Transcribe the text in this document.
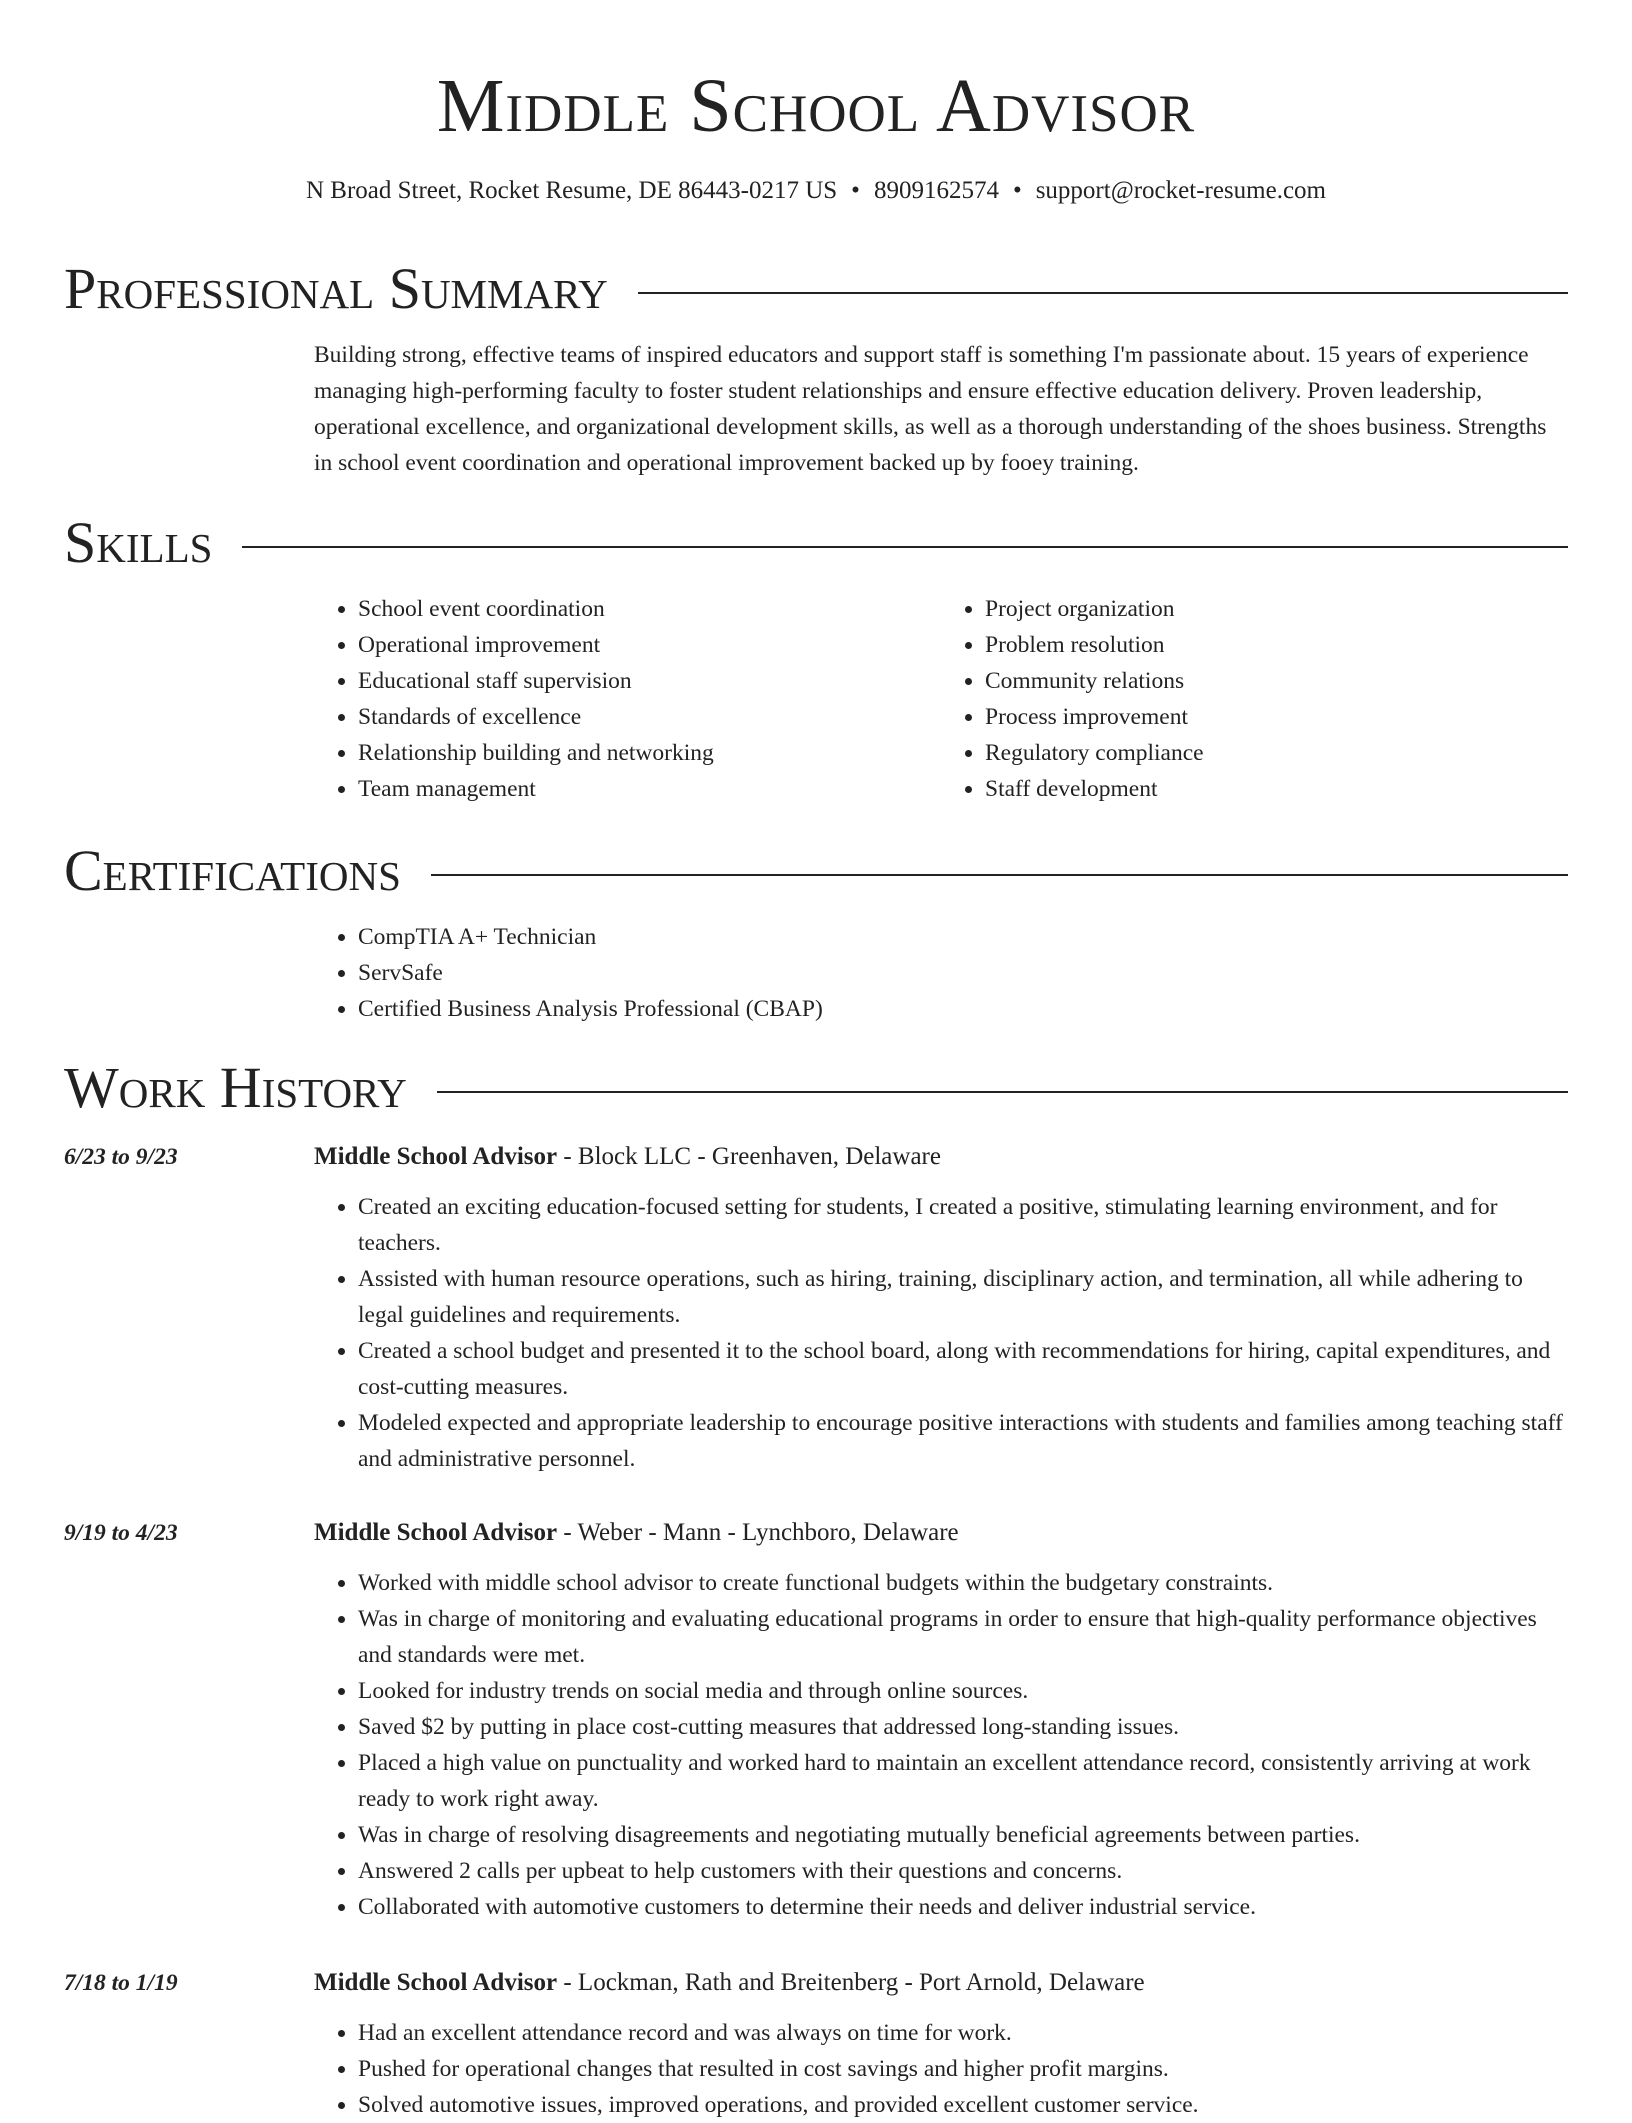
Middle School Advisor
N Broad Street, Rocket Resume, DE 86443-0217 US • 8909162574 • support@rocket-resume.com
Professional Summary
Building strong, effective teams of inspired educators and support staff is something I'm passionate about. 15 years of experience managing high-performing faculty to foster student relationships and ensure effective education delivery. Proven leadership, operational excellence, and organizational development skills, as well as a thorough understanding of the shoes business. Strengths in school event coordination and operational improvement backed up by fooey training.
Skills
• School event coordination
• Operational improvement
• Educational staff supervision
• Standards of excellence
• Relationship building and networking
• Team management
• Project organization
• Problem resolution
• Community relations
• Process improvement
• Regulatory compliance
• Staff development
Certifications
• CompTIA A+ Technician
• ServSafe
• Certified Business Analysis Professional (CBAP)
Work History
6/23 to 9/23	Middle School Advisor - Block LLC - Greenhaven, Delaware
• Created an exciting education-focused setting for students, I created a positive, stimulating learning environment, and for teachers.
• Assisted with human resource operations, such as hiring, training, disciplinary action, and termination, all while adhering to legal guidelines and requirements.
• Created a school budget and presented it to the school board, along with recommendations for hiring, capital expenditures, and cost-cutting measures.
• Modeled expected and appropriate leadership to encourage positive interactions with students and families among teaching staff and administrative personnel.
9/19 to 4/23	Middle School Advisor - Weber - Mann - Lynchboro, Delaware
• Worked with middle school advisor to create functional budgets within the budgetary constraints.
• Was in charge of monitoring and evaluating educational programs in order to ensure that high-quality performance objectives and standards were met.
• Looked for industry trends on social media and through online sources.
• Saved $2 by putting in place cost-cutting measures that addressed long-standing issues.
• Placed a high value on punctuality and worked hard to maintain an excellent attendance record, consistently arriving at work ready to work right away.
• Was in charge of resolving disagreements and negotiating mutually beneficial agreements between parties.
• Answered 2 calls per upbeat to help customers with their questions and concerns.
• Collaborated with automotive customers to determine their needs and deliver industrial service.
7/18 to 1/19	Middle School Advisor - Lockman, Rath and Breitenberg - Port Arnold, Delaware
• Had an excellent attendance record and was always on time for work.
• Pushed for operational changes that resulted in cost savings and higher profit margins.
• Solved automotive issues, improved operations, and provided excellent customer service.
